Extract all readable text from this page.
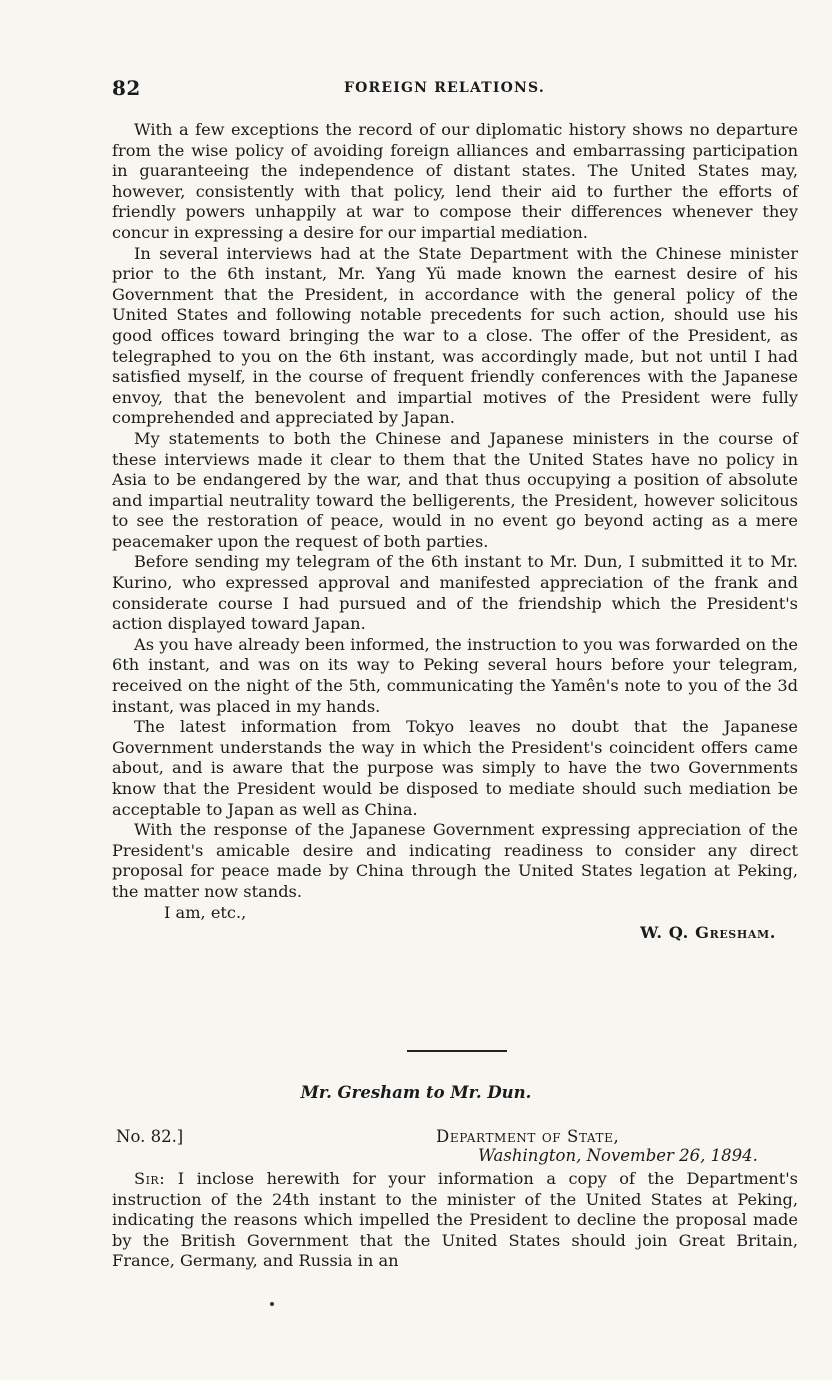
82	FOREIGN RELATIONS.

With a few exceptions the record of our diplomatic history shows no departure from the wise policy of avoiding foreign alliances and embarrassing participation in guaranteeing the independence of distant states. The United States may, however, consistently with that policy, lend their aid to further the efforts of friendly powers unhappily at war to compose their differences whenever they concur in expressing a desire for our impartial mediation.

In several interviews had at the State Department with the Chinese minister prior to the 6th instant, Mr. Yang Yü made known the earnest desire of his Government that the President, in accordance with the general policy of the United States and following notable precedents for such action, should use his good offices toward bringing the war to a close. The offer of the President, as telegraphed to you on the 6th instant, was accordingly made, but not until I had satisfied myself, in the course of frequent friendly conferences with the Japanese envoy, that the benevolent and impartial motives of the President were fully comprehended and appreciated by Japan.

My statements to both the Chinese and Japanese ministers in the course of these interviews made it clear to them that the United States have no policy in Asia to be endangered by the war, and that thus occupying a position of absolute and impartial neutrality toward the belligerents, the President, however solicitous to see the restoration of peace, would in no event go beyond acting as a mere peacemaker upon the request of both parties.

Before sending my telegram of the 6th instant to Mr. Dun, I submitted it to Mr. Kurino, who expressed approval and manifested appreciation of the frank and considerate course I had pursued and of the friendship which the President's action displayed toward Japan.

As you have already been informed, the instruction to you was forwarded on the 6th instant, and was on its way to Peking several hours before your telegram, received on the night of the 5th, communicating the Yamên's note to you of the 3d instant, was placed in my hands.

The latest information from Tokyo leaves no doubt that the Japanese Government understands the way in which the President's coincident offers came about, and is aware that the purpose was simply to have the two Governments know that the President would be disposed to mediate should such mediation be acceptable to Japan as well as China.

With the response of the Japanese Government expressing appreciation of the President's amicable desire and indicating readiness to consider any direct proposal for peace made by China through the United States legation at Peking, the matter now stands.

I am, etc.,

W. Q. Gresham.

Mr. Gresham to Mr. Dun.
No. 82.]	Department of State,
Washington, November 26, 1894.

Sir: I inclose herewith for your information a copy of the Department's instruction of the 24th instant to the minister of the United States at Peking, indicating the reasons which impelled the President to decline the proposal made by the British Government that the United States should join Great Britain, France, Germany, and Russia in an
